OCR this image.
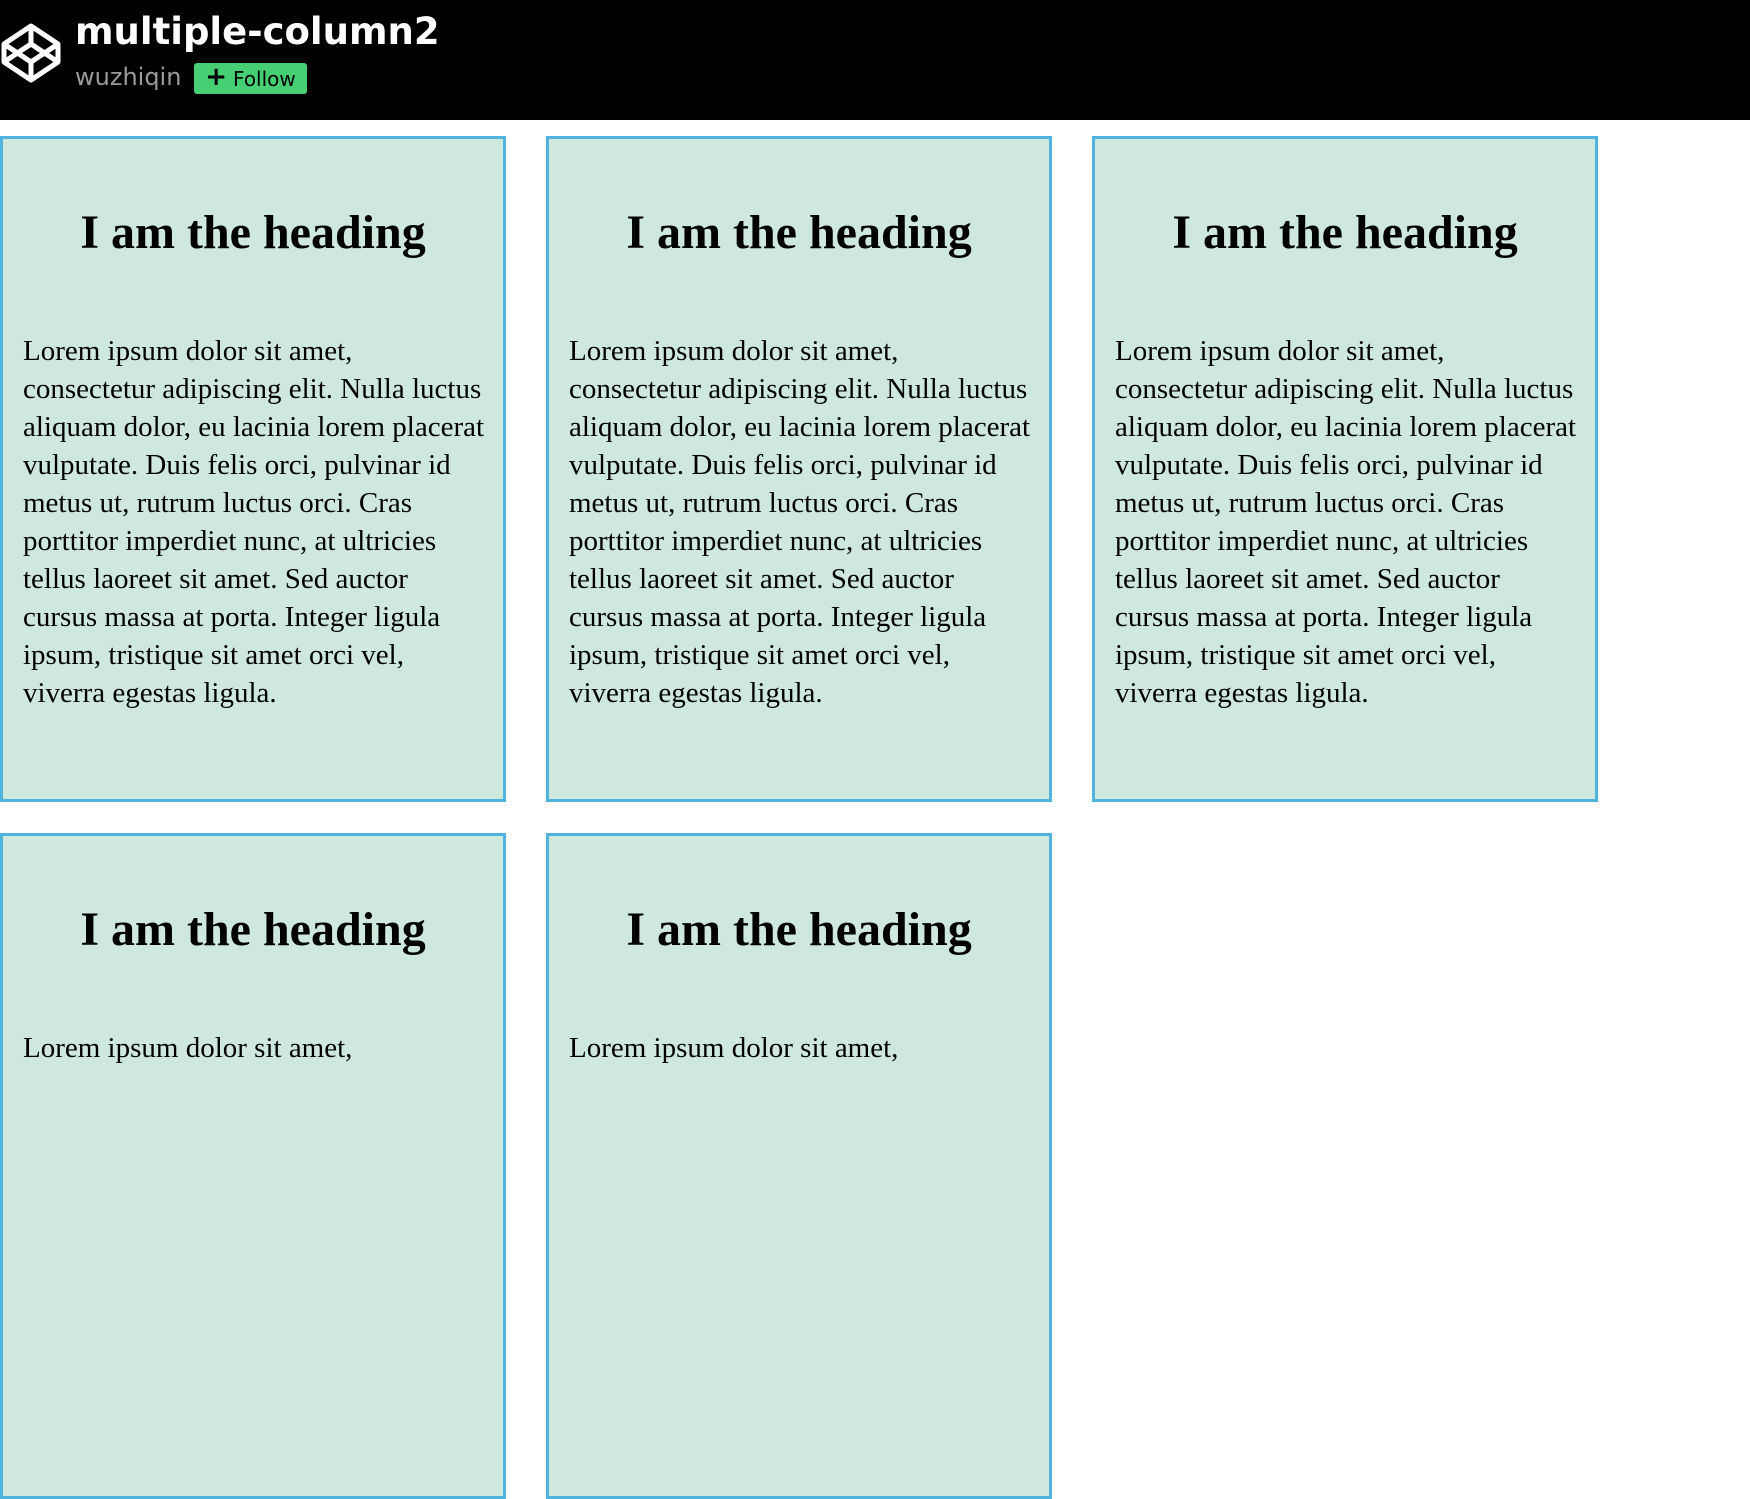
multiple-column2
wuzhiqin + Follow
I am the heading

Lorem ipsum dolor sit amet, consectetur adipiscing elit. Nulla luctus aliquam dolor, eu lacinia lorem placerat vulputate. Duis felis orci, pulvinar id metus ut, rutrum luctus orci. Cras porttitor imperdiet nunc, at ultricies tellus laoreet sit amet. Sed auctor cursus massa at porta. Integer ligula ipsum, tristique sit amet orci vel, viverra egestas ligula.

I am the heading

Lorem ipsum dolor sit amet, consectetur adipiscing elit. Nulla luctus aliquam dolor, eu lacinia lorem placerat vulputate. Duis felis orci, pulvinar id metus ut, rutrum luctus orci. Cras porttitor imperdiet nunc, at ultricies tellus laoreet sit amet. Sed auctor cursus massa at porta. Integer ligula ipsum, tristique sit amet orci vel, viverra egestas ligula.

I am the heading

Lorem ipsum dolor sit amet, consectetur adipiscing elit. Nulla luctus aliquam dolor, eu lacinia lorem placerat vulputate. Duis felis orci, pulvinar id metus ut, rutrum luctus orci. Cras porttitor imperdiet nunc, at ultricies tellus laoreet sit amet. Sed auctor cursus massa at porta. Integer ligula ipsum, tristique sit amet orci vel, viverra egestas ligula.

I am the heading

Lorem ipsum dolor sit amet,

I am the heading

Lorem ipsum dolor sit amet,
